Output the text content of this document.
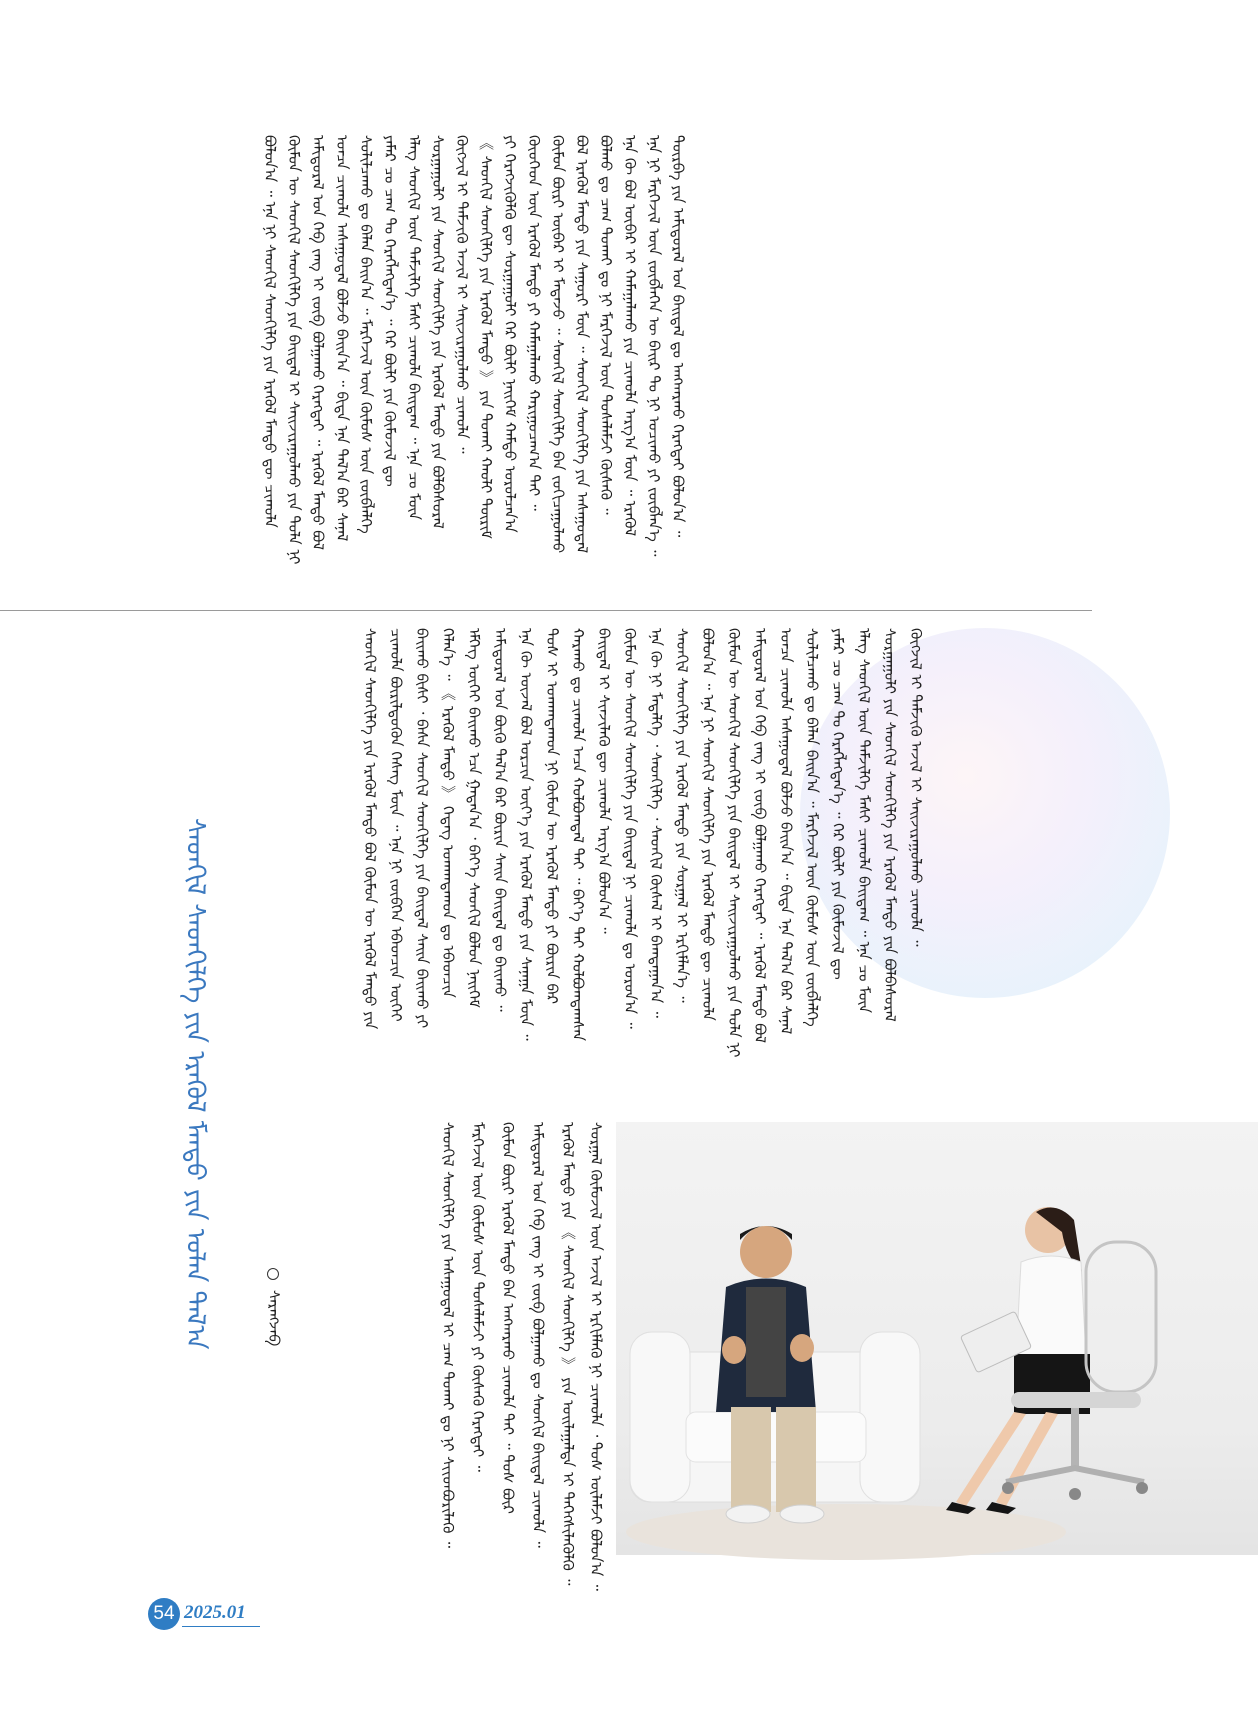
ᠪᠣᠯᠤᠨ᠎ᠠ ᠃ ᠡᠨᠡ ᠨᠢ ᠰᠡᠳᠬᠢᠯ ᠰᠡᠳᠬᠢᠯᠭᠡ ᠶᠢᠨ ᠡᠷᠡᠬᠦᠯ ᠮᠡᠨᠳᠦ ᠳᠦ ᠴᠢᠬᠤᠯᠠ ᠬᠦᠮᠦᠨ ᠦ ᠰᠡᠳᠬᠢᠯ ᠰᠡᠳᠬᠢᠯᠭᠡ ᠶᠢᠨ ᠪᠠᠢᠳᠠᠯ ᠢ ᠰᠠᠢᠵᠢᠷᠠᠭᠤᠯᠬᠤ ᠶᠢᠨ ᠲᠤᠯᠠ ᠨᠢ ᠠᠮᠢᠳᠤᠷᠠᠯ ᠤᠨ ᠬᠡᠪ ᠵᠠᠩ ᠢ ᠵᠦᠪ ᠪᠣᠯᠭᠠᠬᠤ ᠬᠡᠷᠡᠭᠲᠡᠢ ᠃ ᠡᠷᠡᠬᠦᠯ ᠮᠡᠨᠳᠦ ᠪᠣᠯ ᠣᠨᠴᠠ ᠴᠢᠬᠤᠯᠠ ᠠᠰᠠᠭᠤᠳᠠᠯ ᠪᠣᠯᠵᠤ ᠪᠠᠢᠨ᠎ᠠ ᠃ ᠪᠢᠳᠡ ᠡᠨᠡ ᠲᠠᠯ᠎ᠠ ᠪᠠᠷ ᠰᠠᠨᠠᠯ ᠰᠣᠯᠢᠯᠴᠠᠬᠤ ᠳᠤ ᠪᠡᠯᠡᠨ ᠪᠠᠢᠨ᠎ᠠ ᠃ ᠮᠡᠷᠭᠡᠵᠢᠯ ᠦᠨ ᠬᠦᠮᠦᠰ ᠦᠨ ᠵᠥᠪᠯᠡᠯᠭᠡ ᠶᠠᠮᠠᠷ ᠴᠤ ᠴᠠᠭ ᠲᠤ ᠬᠡᠷᠡᠭᠯᠡᠭᠳᠡᠨ᠎ᠡ ᠃ ᠭᠡᠷ ᠪᠦᠯᠢ ᠶᠢᠨ ᠬᠦᠮᠦᠵᠢᠯ ᠳᠦ ᠡᠯᠡᠭ ᠰᠡᠳᠬᠢᠯ ᠦᠨ ᠳᠡᠮᠵᠢᠯᠭᠡ ᠮᠠᠰᠢ ᠴᠢᠬᠤᠯᠠ ᠪᠠᠢᠳᠠᠭ ᠃ ᠡᠨᠡ ᠴᠤ ᠮᠦᠨ ᠰᠤᠷᠭᠠᠭᠤᠯᠢ ᠶᠢᠨ ᠰᠡᠳᠬᠢᠯ ᠰᠡᠳᠬᠢᠯᠭᠡ ᠶᠢᠨ ᠡᠷᠡᠬᠦᠯ ᠮᠡᠨᠳᠦ ᠶᠢᠨ ᠪᠣᠯᠪᠠᠰᠤᠷᠠᠯ ᠬᠥᠭᠵᠢᠯ ᠢ ᠳᠡᠮᠵᠢᠬᠦ ᠠᠵᠢᠯ ᠢ ᠰᠠᠢᠵᠢᠷᠠᠭᠤᠯᠬᠤ ᠴᠢᠬᠤᠯᠠ ᠃ 《 ᠰᠡᠳᠬᠢᠯ ᠰᠡᠳᠬᠢᠯᠭᠡ ᠶᠢᠨ ᠡᠷᠡᠬᠦᠯ ᠮᠡᠨᠳᠦ 》 ᠶᠢᠨ ᠲᠤᠬᠠᠢ ᠬᠠᠤᠯᠢ ᠳᠦᠷᠢᠮ ᠶᠢ ᠬᠡᠷᠡᠭᠵᠢᠭᠦᠯᠬᠦ ᠳᠦ ᠰᠤᠷᠭᠠᠭᠤᠯᠢ ᠭᠡᠷ ᠪᠦᠯᠢ ᠨᠡᠢᠭᠡᠮ ᠬᠠᠮᠲᠤ ᠣᠷᠤᠯᠴᠠᠨ᠎ᠠ ᠬᠦᠦᠬᠡᠳ ᠦᠨ ᠡᠷᠡᠬᠦᠯ ᠮᠡᠨᠳᠦ ᠶᠢ ᠬᠠᠮᠠᠭᠠᠯᠠᠬᠤ ᠬᠠᠷᠢᠭᠤᠴᠠᠭ᠎ᠠ ᠲᠠᠢ ᠃ ᠬᠦᠮᠦᠨ ᠪᠦᠷᠢ ᠥᠪᠡᠷ ᠢ ᠮᠡᠳᠡᠵᠦ ᠃ ᠰᠡᠳᠬᠢᠯ ᠰᠡᠳᠬᠢᠯᠭᠡ ᠪᠡᠨ ᠵᠣᠬᠢᠴᠠᠭᠤᠯᠬᠤ ᠪᠣᠯ ᠡᠷᠡᠬᠦᠯ ᠮᠡᠨᠳᠦ ᠶᠢᠨ ᠰᠠᠭᠤᠷᠢ ᠮᠥᠨ ᠃ ᠰᠡᠳᠬᠢᠯ ᠰᠡᠳᠬᠢᠯᠭᠡ ᠶᠢᠨ ᠠᠰᠠᠭᠤᠳᠠᠯ ᠪᠣᠯᠬᠤ ᠳᠤ ᠴᠠᠭ ᠲᠤᠬᠠᠢ ᠳᠤ ᠨᠢ ᠮᠡᠷᠭᠡᠵᠢᠯ ᠦᠨ ᠲᠤᠰᠠᠯᠠᠮᠵᠢ ᠬᠦᠰᠡᠬᠦ ᠃ ᠡᠨᠡ ᠬᠦ ᠪᠣᠯ ᠥᠪᠡᠷ ᠢ ᠬᠠᠮᠠᠭᠠᠯᠠᠬᠤ ᠶᠢᠨ ᠴᠢᠬᠤᠯᠠ ᠠᠷᠭ᠎ᠠ ᠮᠥᠨ ᠃ ᠡᠷᠡᠬᠦᠯ ᠡᠨᠡ ᠨᠢ ᠮᠡᠷᠭᠡᠵᠢᠯ ᠦᠨ ᠵᠥᠪᠯᠡᠭᠡᠨ ᠦ ᠪᠠᠢᠷ ᠲᠤ ᠨᠢ ᠣᠴᠢᠬᠤ ᠶᠢ ᠵᠥᠪᠯᠡᠨ᠎ᠡ ᠃ ᠳᠥᠷᠪᠡ ᠶᠢᠨ ᠠᠮᠢᠳᠤᠷᠠᠯ ᠤᠨ ᠪᠠᠢᠳᠠᠯ ᠳᠤ ᠠᠩᠬᠠᠷᠬᠤ ᠬᠡᠷᠡᠭᠲᠡᠢ ᠪᠣᠯᠤᠨ᠎ᠠ ᠃
ᠰᠡᠳᠬᠢᠯ ᠰᠡᠳᠬᠢᠯᠭᠡ ᠶᠢᠨ ᠡᠷᠡᠬᠦᠯ ᠮᠡᠨᠳᠦ ᠶᠢᠨ ᠤᠯᠠᠨ ᠲᠠᠯ᠎ᠠ	ᠰᠡᠷᠡᠩᠵᠠᠪ
ᠰᠡᠳᠬᠢᠯ ᠰᠡᠳᠬᠢᠯᠭᠡ ᠶᠢᠨ ᠡᠷᠡᠬᠦᠯ ᠮᠡᠨᠳᠦ ᠪᠣᠯ ᠬᠦᠮᠦᠨ ᠦ ᠡᠷᠡᠬᠦᠯ ᠮᠡᠨᠳᠦ ᠶᠢᠨ ᠴᠢᠬᠤᠯᠠ ᠪᠦᠷᠢᠯᠳᠦᠬᠦᠨ ᠬᠡᠰᠡᠭ ᠮᠥᠨ ᠃ ᠡᠨᠡ ᠨᠢ ᠵᠥᠪᠬᠡᠨ ᠡᠪᠡᠳᠴᠢᠨ ᠦᠭᠡᠢ ᠪᠠᠢᠬᠤ ᠪᠢᠰᠢ ᠂ ᠪᠠᠰᠠ ᠰᠡᠳᠬᠢᠯ ᠰᠡᠳᠬᠢᠯᠭᠡ ᠶᠢᠨ ᠪᠠᠢᠳᠠᠯ ᠰᠠᠢᠨ ᠪᠠᠢᠬᠤ ᠶᠢ ᠬᠡᠯᠡᠨ᠎ᠡ ᠃ 《 ᠡᠷᠡᠬᠦᠯ ᠮᠡᠨᠳᠦ 》 ᠭᠡᠳᠡᠭ ᠤᠬᠠᠭᠳᠠᠬᠤᠨ ᠳᠤ ᠡᠪᠡᠳᠴᠢᠨ ᠡᠮᠭᠡᠭ ᠦᠭᠡᠢ ᠪᠠᠢᠬᠤ ᠡᠴᠡ ᠭᠠᠳᠠᠨ᠎ᠠ ᠂ ᠪᠡᠶ᠎ᠡ ᠰᠡᠳᠬᠢᠯ ᠪᠣᠯᠤᠨ ᠨᠡᠢᠭᠡᠮ ᠠᠮᠢᠳᠤᠷᠠᠯ ᠤᠨ ᠪᠦᠬᠦ ᠲᠠᠯ᠎ᠠ ᠪᠠᠷ ᠪᠦᠷᠢᠨ ᠰᠠᠢᠨ ᠪᠠᠢᠳᠠᠯ ᠳᠤ ᠪᠠᠢᠬᠤ ᠃ ᠡᠨᠡ ᠬᠦ ᠦᠵᠡᠯ ᠪᠣᠯ ᠣᠷᠴᠢᠨ ᠦᠶ᠎ᠡ ᠶᠢᠨ ᠡᠷᠡᠬᠦᠯ ᠮᠡᠨᠳᠦ ᠶᠢᠨ ᠰᠠᠨᠠᠭᠠ ᠮᠥᠨ ᠃ ᠲᠤᠰ ᠢ ᠤᠬᠠᠭᠳᠠᠬᠤᠨ ᠨᠢ ᠬᠦᠮᠦᠨ ᠦ ᠡᠷᠡᠬᠦᠯ ᠮᠡᠨᠳᠦ ᠶᠢ ᠪᠦᠷᠢᠨ ᠪᠡᠷ ᠬᠠᠷᠠᠬᠤ ᠳᠤ ᠴᠢᠬᠤᠯᠠ ᠠᠴᠠ ᠬᠣᠯᠪᠣᠭᠳᠠᠯ ᠲᠠᠢ ᠃ ᠪᠡᠶ᠎ᠡ ᠲᠡᠢ ᠬᠣᠯᠪᠣᠭᠳᠠᠭᠰᠠᠨ ᠪᠠᠢᠳᠠᠯ ᠢ ᠰᠢᠨᠵᠢᠯᠡᠬᠦ ᠳᠦ ᠴᠢᠬᠤᠯᠠ ᠠᠷᠭ᠎ᠠ ᠪᠣᠯᠤᠨ᠎ᠠ ᠃ ᠬᠦᠮᠦᠨ ᠦ ᠰᠡᠳᠬᠢᠯ ᠰᠡᠳᠬᠢᠯᠭᠡ ᠶᠢᠨ ᠪᠠᠢᠳᠠᠯ ᠨᠢ ᠴᠢᠬᠤᠯᠠ ᠳᠤ ᠣᠷᠣᠨ᠎ᠠ ᠃ ᠡᠨᠡ ᠬᠦ ᠨᠢ ᠮᠡᠳᠡᠯᠭᠡ ᠂ ᠰᠡᠳᠬᠢᠯᠭᠡ ᠂ ᠰᠡᠳᠬᠢᠯ ᠬᠦᠰᠡᠯ ᠢ ᠪᠠᠭᠲᠠᠭᠠᠨ᠎ᠠ ᠃ ᠰᠡᠳᠬᠢᠯ ᠰᠡᠳᠬᠢᠯᠭᠡ ᠶᠢᠨ ᠡᠷᠡᠬᠦᠯ ᠮᠡᠨᠳᠦ ᠶᠢᠨ ᠰᠤᠷᠭᠠᠯ ᠢ ᠡᠷᠬᠢᠮᠯᠡᠨ᠎ᠡ ᠃ ᠪᠣᠯᠤᠨ᠎ᠠ ᠃ ᠡᠨᠡ ᠨᠢ ᠰᠡᠳᠬᠢᠯ ᠰᠡᠳᠬᠢᠯᠭᠡ ᠶᠢᠨ ᠡᠷᠡᠬᠦᠯ ᠮᠡᠨᠳᠦ ᠳᠦ ᠴᠢᠬᠤᠯᠠ ᠬᠦᠮᠦᠨ ᠦ ᠰᠡᠳᠬᠢᠯ ᠰᠡᠳᠬᠢᠯᠭᠡ ᠶᠢᠨ ᠪᠠᠢᠳᠠᠯ ᠢ ᠰᠠᠢᠵᠢᠷᠠᠭᠤᠯᠬᠤ ᠶᠢᠨ ᠲᠤᠯᠠ ᠨᠢ ᠠᠮᠢᠳᠤᠷᠠᠯ ᠤᠨ ᠬᠡᠪ ᠵᠠᠩ ᠢ ᠵᠦᠪ ᠪᠣᠯᠭᠠᠬᠤ ᠬᠡᠷᠡᠭᠲᠡᠢ ᠃ ᠡᠷᠡᠬᠦᠯ ᠮᠡᠨᠳᠦ ᠪᠣᠯ ᠣᠨᠴᠠ ᠴᠢᠬᠤᠯᠠ ᠠᠰᠠᠭᠤᠳᠠᠯ ᠪᠣᠯᠵᠤ ᠪᠠᠢᠨ᠎ᠠ ᠃ ᠪᠢᠳᠡ ᠡᠨᠡ ᠲᠠᠯ᠎ᠠ ᠪᠠᠷ ᠰᠠᠨᠠᠯ ᠰᠣᠯᠢᠯᠴᠠᠬᠤ ᠳᠤ ᠪᠡᠯᠡᠨ ᠪᠠᠢᠨ᠎ᠠ ᠃ ᠮᠡᠷᠭᠡᠵᠢᠯ ᠦᠨ ᠬᠦᠮᠦᠰ ᠦᠨ ᠵᠥᠪᠯᠡᠯᠭᠡ ᠶᠠᠮᠠᠷ ᠴᠤ ᠴᠠᠭ ᠲᠤ ᠬᠡᠷᠡᠭᠯᠡᠭᠳᠡᠨ᠎ᠡ ᠃ ᠭᠡᠷ ᠪᠦᠯᠢ ᠶᠢᠨ ᠬᠦᠮᠦᠵᠢᠯ ᠳᠦ ᠡᠯᠡᠭ ᠰᠡᠳᠬᠢᠯ ᠦᠨ ᠳᠡᠮᠵᠢᠯᠭᠡ ᠮᠠᠰᠢ ᠴᠢᠬᠤᠯᠠ ᠪᠠᠢᠳᠠᠭ ᠃ ᠡᠨᠡ ᠴᠤ ᠮᠦᠨ ᠰᠤᠷᠭᠠᠭᠤᠯᠢ ᠶᠢᠨ ᠰᠡᠳᠬᠢᠯ ᠰᠡᠳᠬᠢᠯᠭᠡ ᠶᠢᠨ ᠡᠷᠡᠬᠦᠯ ᠮᠡᠨᠳᠦ ᠶᠢᠨ ᠪᠣᠯᠪᠠᠰᠤᠷᠠᠯ ᠬᠥᠭᠵᠢᠯ ᠢ ᠳᠡᠮᠵᠢᠬᠦ ᠠᠵᠢᠯ ᠢ ᠰᠠᠢᠵᠢᠷᠠᠭᠤᠯᠬᠤ ᠴᠢᠬᠤᠯᠠ ᠃
ᠰᠡᠳᠬᠢᠯ ᠰᠡᠳᠬᠢᠯᠭᠡ ᠶᠢᠨ ᠠᠰᠠᠭᠤᠳᠠᠯ ᠢ ᠴᠠᠭ ᠲᠤᠬᠠᠢ ᠳᠤ ᠨᠢ ᠰᠢᠢᠳᠪᠦᠷᠢᠯᠡᠬᠦ ᠃ ᠮᠡᠷᠭᠡᠵᠢᠯ ᠦᠨ ᠬᠦᠮᠦᠰ ᠦᠨ ᠲᠤᠰᠠᠯᠠᠮᠵᠢ ᠶᠢ ᠬᠦᠰᠡᠬᠦ ᠬᠡᠷᠡᠭᠲᠡᠢ ᠃ ᠬᠦᠮᠦᠨ ᠪᠦᠷᠢ ᠡᠷᠡᠬᠦᠯ ᠮᠡᠨᠳᠦ ᠪᠡᠨ ᠠᠩᠬᠠᠷᠬᠤ ᠴᠢᠬᠤᠯᠠ ᠲᠠᠢ ᠃ ᠲᠤᠰ ᠪᠦᠷ ᠠᠮᠢᠳᠤᠷᠠᠯ ᠤᠨ ᠬᠡᠪ ᠵᠠᠩ ᠢ ᠵᠦᠪ ᠪᠣᠯᠭᠠᠬᠤ ᠳᠤ ᠰᠡᠳᠬᠢᠯ ᠪᠠᠢᠳᠠᠯ ᠴᠢᠬᠤᠯᠠ ᠃ ᠡᠷᠡᠬᠦᠯ ᠮᠡᠨᠳᠦ ᠶᠢᠨ 《 ᠰᠡᠳᠬᠢᠯ ᠰᠡᠳᠬᠢᠯᠭᠡ 》 ᠶᠢᠨ ᠣᠢᠯᠠᠭᠠᠯᠲᠠ ᠢ ᠳᠡᠭᠡᠭᠰᠢᠯᠡᠭᠦᠯᠬᠦ ᠃ ᠰᠤᠷᠭᠠᠯ ᠬᠥᠮᠦᠵᠢᠯ ᠦᠨ ᠠᠵᠢᠯ ᠢ ᠡᠷᠬᠢᠮᠯᠡᠬᠦ ᠨᠢ ᠴᠢᠬᠤᠯᠠ ᠂ ᠲᠤᠰ ᠦᠯᠡᠮᠵᠢ ᠪᠣᠯᠤᠨ᠎ᠠ ᠃
54 2025.01
